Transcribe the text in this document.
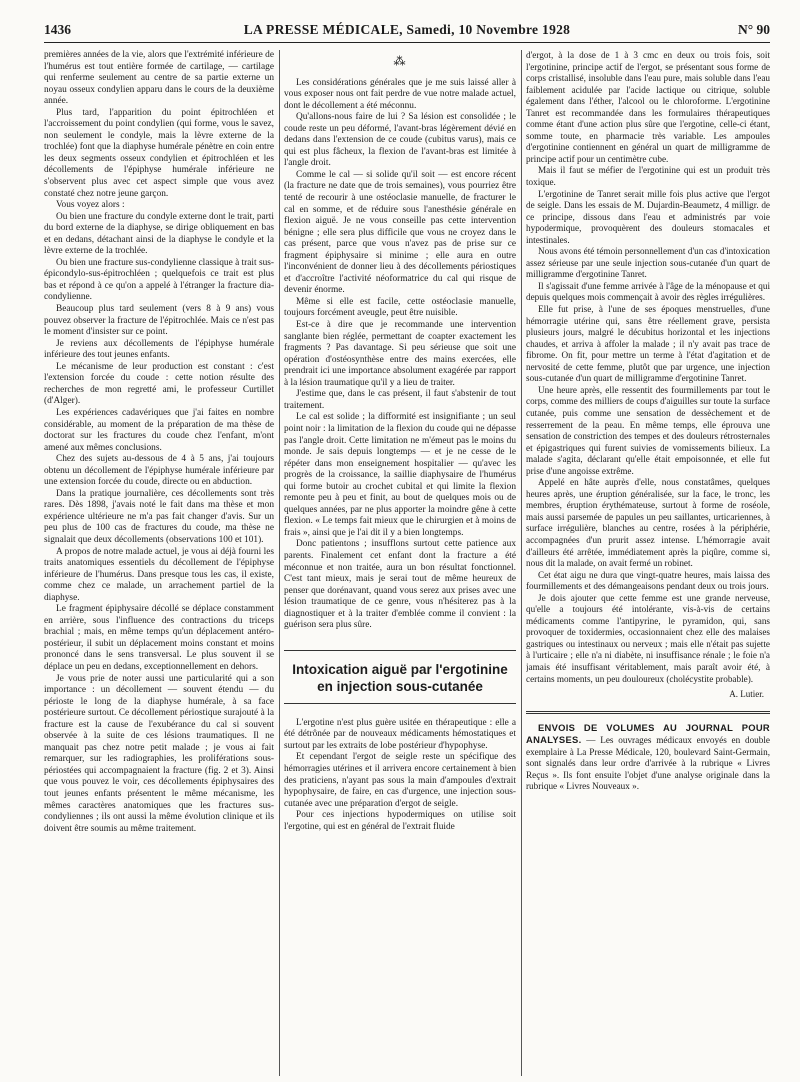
1436	LA PRESSE MÉDICALE, Samedi, 10 Novembre 1928	N° 90

premières années de la vie, alors que l'extrémité inférieure de l'humérus est tout entière formée de cartilage, — cartilage qui renferme seulement au centre de sa partie externe un noyau osseux condylien apparu dans le cours de la deuxième année.

Plus tard, l'apparition du point épitrochléen et l'accroissement du point condylien (qui forme, vous le savez, non seulement le condyle, mais la lèvre externe de la trochlée) font que la diaphyse humérale pénètre en coin entre les deux segments osseux condylien et épitrochléen et les décollements de l'épiphyse humérale inférieure ne s'observent plus avec cet aspect simple que vous avez constaté chez notre jeune garçon.

Vous voyez alors :

Ou bien une fracture du condyle externe dont le trait, parti du bord externe de la diaphyse, se dirige obliquement en bas et en dedans, détachant ainsi de la diaphyse le condyle et la lèvre externe de la trochlée.

Ou bien une fracture sus-condylienne classique à trait sus-épicondylo-sus-épitrochléen ; quelquefois ce trait est plus bas et répond à ce qu'on a appelé à l'étranger la fracture dia-condylienne.

Beaucoup plus tard seulement (vers 8 à 9 ans) vous pouvez observer la fracture de l'épitrochlée. Mais ce n'est pas le moment d'insister sur ce point.

Je reviens aux décollements de l'épiphyse humérale inférieure des tout jeunes enfants.

Le mécanisme de leur production est constant : c'est l'extension forcée du coude : cette notion résulte des recherches de mon regretté ami, le professeur Curtillet (d'Alger).

Les expériences cadavériques que j'ai faites en nombre considérable, au moment de la préparation de ma thèse de doctorat sur les fractures du coude chez l'enfant, m'ont amené aux mêmes conclusions.

Chez des sujets au-dessous de 4 à 5 ans, j'ai toujours obtenu un décollement de l'épiphyse humérale inférieure par une extension forcée du coude, directe ou en abduction.

Dans la pratique journalière, ces décollements sont très rares. Dès 1898, j'avais noté le fait dans ma thèse et mon expérience ultérieure ne m'a pas fait changer d'avis. Sur un peu plus de 100 cas de fractures du coude, ma thèse ne signalait que deux décollements (observations 100 et 101).

A propos de notre malade actuel, je vous ai déjà fourni les traits anatomiques essentiels du décollement de l'épiphyse inférieure de l'humérus. Dans presque tous les cas, il existe, comme chez ce malade, un arrachement partiel de la diaphyse.

Le fragment épiphysaire décollé se déplace constamment en arrière, sous l'influence des contractions du triceps brachial ; mais, en même temps qu'un déplacement antéro-postérieur, il subit un déplacement moins constant et moins prononcé dans le sens transversal. Le plus souvent il se déplace un peu en dedans, exceptionnellement en dehors.

Je vous prie de noter aussi une particularité qui a son importance : un décollement — souvent étendu — du périoste le long de la diaphyse humérale, à sa face postérieure surtout. Ce décollement périostique surajouté à la fracture est la cause de l'exubérance du cal si souvent observée à la suite de ces lésions traumatiques. Il ne manquait pas chez notre petit malade ; je vous ai fait remarquer, sur les radiographies, les proliférations sous-périostées qui accompagnaient la fracture (fig. 2 et 3). Ainsi que vous pouvez le voir, ces décollements épiphysaires des tout jeunes enfants présentent le même mécanisme, les mêmes caractères anatomiques que les fractures sus-condyliennes ; ils ont aussi la même évolution clinique et ils doivent être soumis au même traitement.

⁂

Les considérations générales que je me suis laissé aller à vous exposer nous ont fait perdre de vue notre malade actuel, dont le décollement a été méconnu.

Qu'allons-nous faire de lui ? Sa lésion est consolidée ; le coude reste un peu déformé, l'avant-bras légèrement dévié en dedans dans l'extension de ce coude (cubitus varus), mais ce qui est plus fâcheux, la flexion de l'avant-bras est limitée à l'angle droit.

Comme le cal — si solide qu'il soit — est encore récent (la fracture ne date que de trois semaines), vous pourriez être tenté de recourir à une ostéoclasie manuelle, de fracturer le cal en somme, et de réduire sous l'anesthésie générale en flexion aiguë. Je ne vous conseille pas cette intervention bénigne ; elle sera plus difficile que vous ne croyez dans le cas présent, parce que vous n'avez pas de prise sur ce fragment épiphysaire si minime ; elle aura en outre l'inconvénient de donner lieu à des décollements périostiques et d'accroître l'activité néoformatrice du cal qui risque de devenir énorme.

Même si elle est facile, cette ostéoclasie manuelle, toujours forcément aveugle, peut être nuisible.

Est-ce à dire que je recommande une intervention sanglante bien réglée, permettant de coapter exactement les fragments ? Pas davantage. Si peu sérieuse que soit une opération d'ostéosynthèse entre des mains exercées, elle prendrait ici une importance absolument exagérée par rapport à la lésion traumatique qu'il y a lieu de traiter.

J'estime que, dans le cas présent, il faut s'abstenir de tout traitement.

Le cal est solide ; la difformité est insignifiante ; un seul point noir : la limitation de la flexion du coude qui ne dépasse pas l'angle droit. Cette limitation ne m'émeut pas le moins du monde. Je sais depuis longtemps — et je ne cesse de le répéter dans mon enseignement hospitalier — qu'avec les progrès de la croissance, la saillie diaphysaire de l'humérus qui forme butoir au crochet cubital et qui limite la flexion remonte peu à peu et finit, au bout de quelques mois ou de quelques années, par ne plus apporter la moindre gêne à cette flexion. « Le temps fait mieux que le chirurgien et à moins de frais », ainsi que je l'ai dit il y a bien longtemps.

Donc patientons ; insufflons surtout cette patience aux parents. Finalement cet enfant dont la fracture a été méconnue et non traitée, aura un bon résultat fonctionnel. C'est tant mieux, mais je serai tout de même heureux de penser que dorénavant, quand vous serez aux prises avec une lésion traumatique de ce genre, vous n'hésiterez pas à la diagnostiquer et à la traiter d'emblée comme il convient : la guérison sera plus sûre.

Intoxication aiguë par l'ergotinine
en injection sous-cutanée

L'ergotine n'est plus guère usitée en thérapeutique : elle a été détrônée par de nouveaux médicaments hémostatiques et surtout par les extraits de lobe postérieur d'hypophyse.

Et cependant l'ergot de seigle reste un spécifique des hémorragies utérines et il arrivera encore certainement à bien des praticiens, n'ayant pas sous la main d'ampoules d'extrait hypophysaire, de faire, en cas d'urgence, une injection sous-cutanée avec une préparation d'ergot de seigle.

Pour ces injections hypodermiques on utilise soit l'ergotine, qui est en général de l'extrait fluide

d'ergot, à la dose de 1 à 3 cmc en deux ou trois fois, soit l'ergotinine, principe actif de l'ergot, se présentant sous forme de corps cristallisé, insoluble dans l'eau pure, mais soluble dans l'eau faiblement acidulée par l'acide lactique ou citrique, soluble également dans l'éther, l'alcool ou le chloroforme. L'ergotinine Tanret est recommandée dans les formulaires thérapeutiques comme étant d'une action plus sûre que l'ergotine, celle-ci étant, somme toute, en pharmacie très variable. Les ampoules d'ergotinine contiennent en général un quart de milligramme de principe actif pour un centimètre cube.

Mais il faut se méfier de l'ergotinine qui est un produit très toxique.

L'ergotinine de Tanret serait mille fois plus active que l'ergot de seigle. Dans les essais de M. Dujardin-Beaumetz, 4 milligr. de ce principe, dissous dans l'eau et administrés par voie hypodermique, provoquèrent des douleurs stomacales et intestinales.

Nous avons été témoin personnellement d'un cas d'intoxication assez sérieuse par une seule injection sous-cutanée d'un quart de milligramme d'ergotinine Tanret.

Il s'agissait d'une femme arrivée à l'âge de la ménopause et qui depuis quelques mois commençait à avoir des règles irrégulières.

Elle fut prise, à l'une de ses époques menstruelles, d'une hémorragie utérine qui, sans être réellement grave, persista plusieurs jours, malgré le décubitus horizontal et les injections chaudes, et arriva à affoler la malade ; il n'y avait pas trace de fibrome. On fit, pour mettre un terme à l'état d'agitation et de nervosité de cette femme, plutôt que par urgence, une injection sous-cutanée d'un quart de milligramme d'ergotinine Tanret.

Une heure après, elle ressentit des fourmillements par tout le corps, comme des milliers de coups d'aiguilles sur toute la surface cutanée, puis comme une sensation de dessèchement et de resserrement de la peau. En même temps, elle éprouva une sensation de constriction des tempes et des douleurs rétrosternales et épigastriques qui furent suivies de vomissements bilieux. La malade s'agita, déclarant qu'elle était empoisonnée, et elle fut prise d'une angoisse extrême.

Appelé en hâte auprès d'elle, nous constatâmes, quelques heures après, une éruption généralisée, sur la face, le tronc, les membres, éruption érythémateuse, surtout à forme de roséole, mais aussi parsemée de papules un peu saillantes, urticariennes, à surface irrégulière, blanches au centre, rosées à la périphérie, accompagnées d'un prurit assez intense. L'hémorragie avait d'ailleurs été arrêtée, immédiatement après la piqûre, comme si, nous dit la malade, on avait fermé un robinet.

Cet état aigu ne dura que vingt-quatre heures, mais laissa des fourmillements et des démangeaisons pendant deux ou trois jours.

Je dois ajouter que cette femme est une grande nerveuse, qu'elle a toujours été intolérante, vis-à-vis de certains médicaments comme l'antipyrine, le pyramidon, qui, sans provoquer de toxidermies, occasionnaient chez elle des malaises gastriques ou intestinaux ou nerveux ; mais elle n'était pas sujette à l'urticaire ; elle n'a ni diabète, ni insuffisance rénale ; le foie n'a jamais été insuffisant véritablement, mais paraît avoir été, à certains moments, un peu douloureux (cholécystite probable).

A. Lutier.

ENVOIS DE VOLUMES AU JOURNAL POUR ANALYSES. — Les ouvrages médicaux envoyés en double exemplaire à La Presse Médicale, 120, boulevard Saint-Germain, sont signalés dans leur ordre d'arrivée à la rubrique « Livres Reçus ». Ils font ensuite l'objet d'une analyse originale dans la rubrique « Livres Nouveaux ».
